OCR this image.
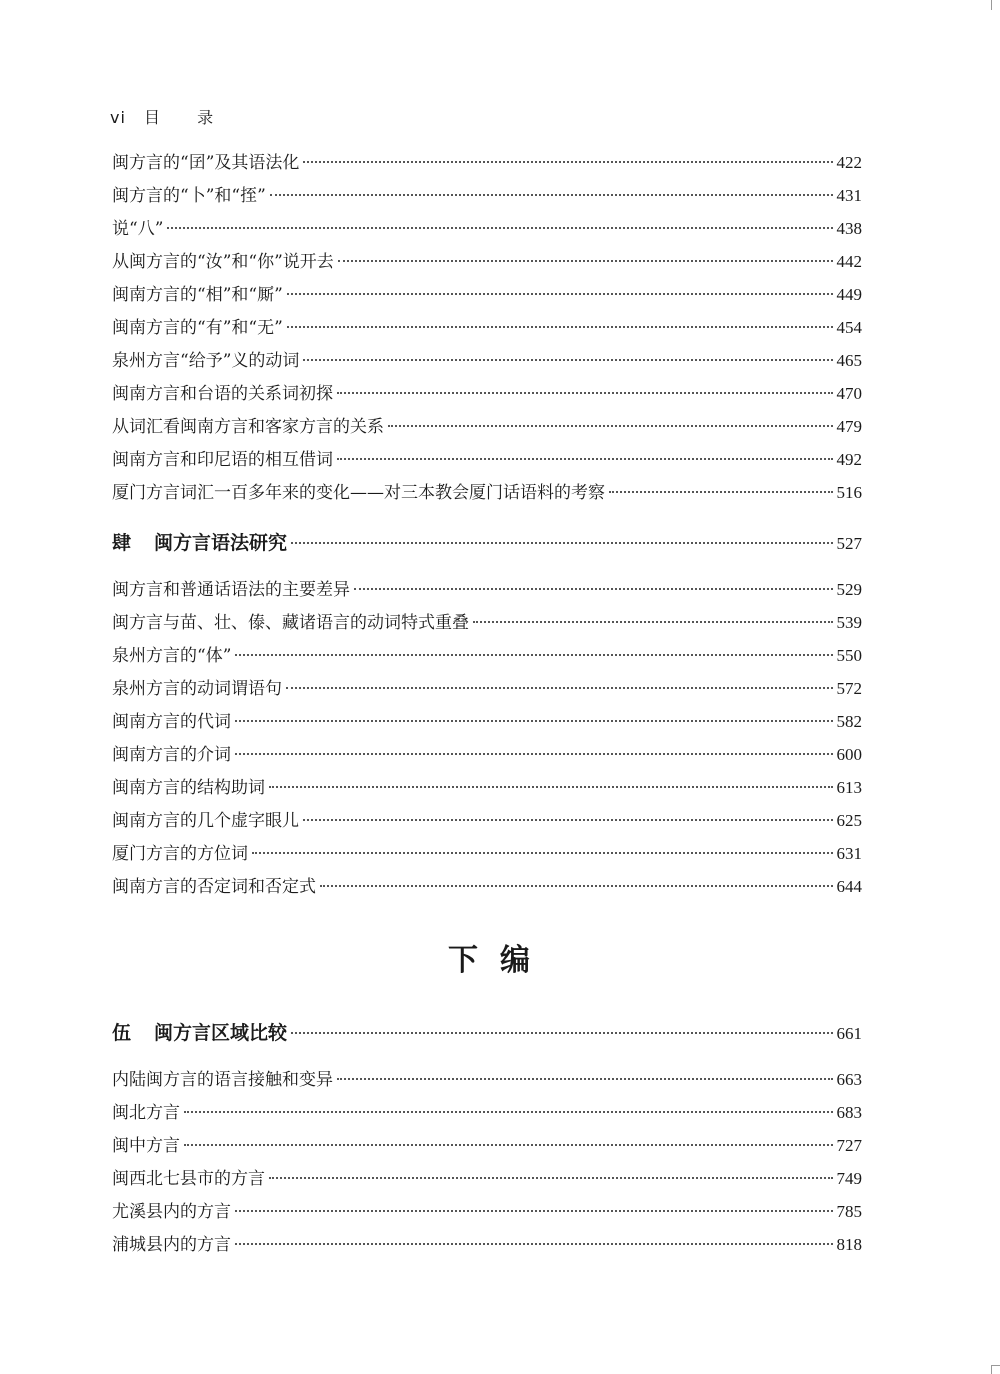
vi 目 录
闽方言的“囝”及其语法化	422
闽方言的“卜”和“挃”	431
说“八”	438
从闽方言的“汝”和“你”说开去	442
闽南方言的“相”和“厮”	449
闽南方言的“有”和“无”	454
泉州方言“给予”义的动词	465
闽南方言和台语的关系词初探	470
从词汇看闽南方言和客家方言的关系	479
闽南方言和印尼语的相互借词	492
厦门方言词汇一百多年来的变化——对三本教会厦门话语料的考察	516
肆 闽方言语法研究	527
闽方言和普通话语法的主要差异	529
闽方言与苗、壮、傣、藏诸语言的动词特式重叠	539
泉州方言的“体”	550
泉州方言的动词谓语句	572
闽南方言的代词	582
闽南方言的介词	600
闽南方言的结构助词	613
闽南方言的几个虚字眼儿	625
厦门方言的方位词	631
闽南方言的否定词和否定式	644
下编
伍 闽方言区域比较	661
内陆闽方言的语言接触和变异	663
闽北方言	683
闽中方言	727
闽西北七县市的方言	749
尤溪县内的方言	785
浦城县内的方言	818
